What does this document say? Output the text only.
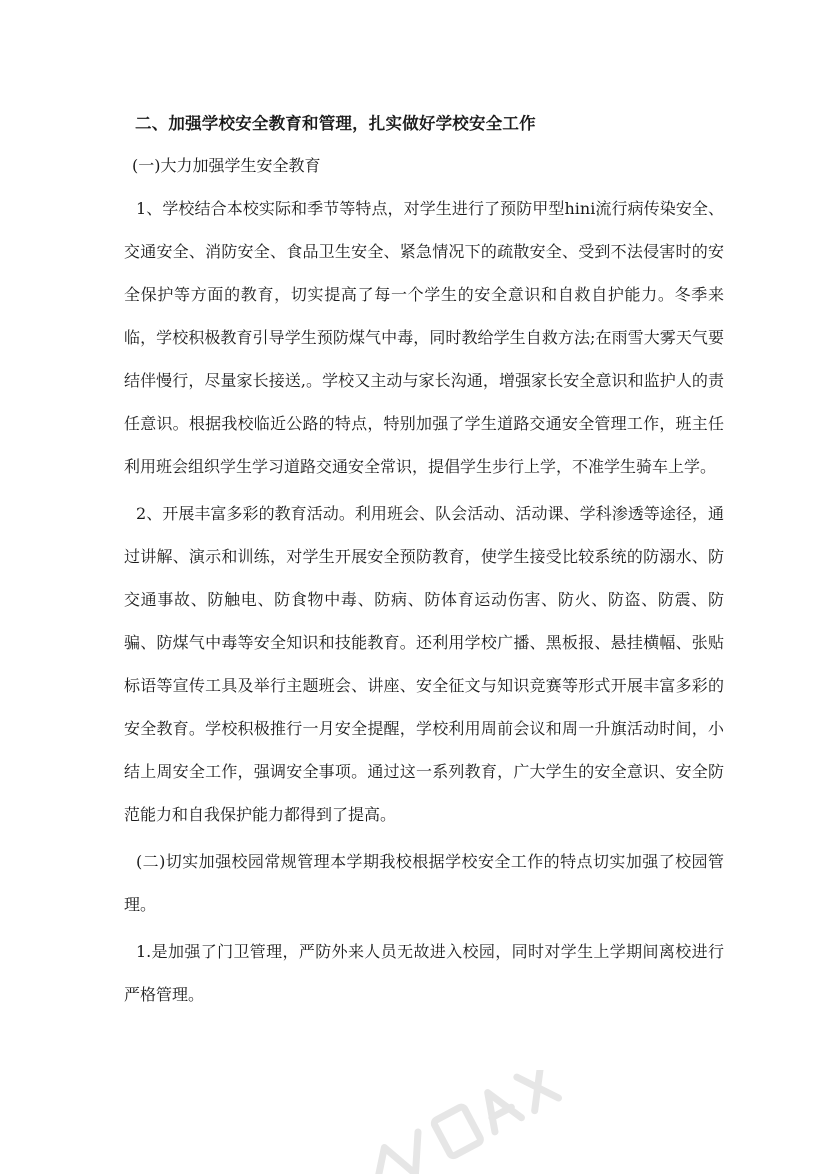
二、加强学校安全教育和管理，扎实做好学校安全工作

(一)大力加强学生安全教育

1、学校结合本校实际和季节等特点，对学生进行了预防甲型hini流行病传染安全、交通安全、消防安全、食品卫生安全、紧急情况下的疏散安全、受到不法侵害时的安全保护等方面的教育，切实提高了每一个学生的安全意识和自救自护能力。冬季来临，学校积极教育引导学生预防煤气中毒，同时教给学生自救方法;在雨雪大雾天气要结伴慢行，尽量家长接送,。学校又主动与家长沟通，增强家长安全意识和监护人的责任意识。根据我校临近公路的特点，特别加强了学生道路交通安全管理工作，班主任利用班会组织学生学习道路交通安全常识，提倡学生步行上学，不准学生骑车上学。

2、开展丰富多彩的教育活动。利用班会、队会活动、活动课、学科渗透等途径，通过讲解、演示和训练，对学生开展安全预防教育，使学生接受比较系统的防溺水、防交通事故、防触电、防食物中毒、防病、防体育运动伤害、防火、防盗、防震、防骗、防煤气中毒等安全知识和技能教育。还利用学校广播、黑板报、悬挂横幅、张贴标语等宣传工具及举行主题班会、讲座、安全征文与知识竞赛等形式开展丰富多彩的安全教育。学校积极推行一月安全提醒，学校利用周前会议和周一升旗活动时间，小结上周安全工作，强调安全事项。通过这一系列教育，广大学生的安全意识、安全防范能力和自我保护能力都得到了提高。

(二)切实加强校园常规管理本学期我校根据学校安全工作的特点切实加强了校园管理。

1.是加强了门卫管理，严防外来人员无故进入校园，同时对学生上学期间离校进行严格管理。
